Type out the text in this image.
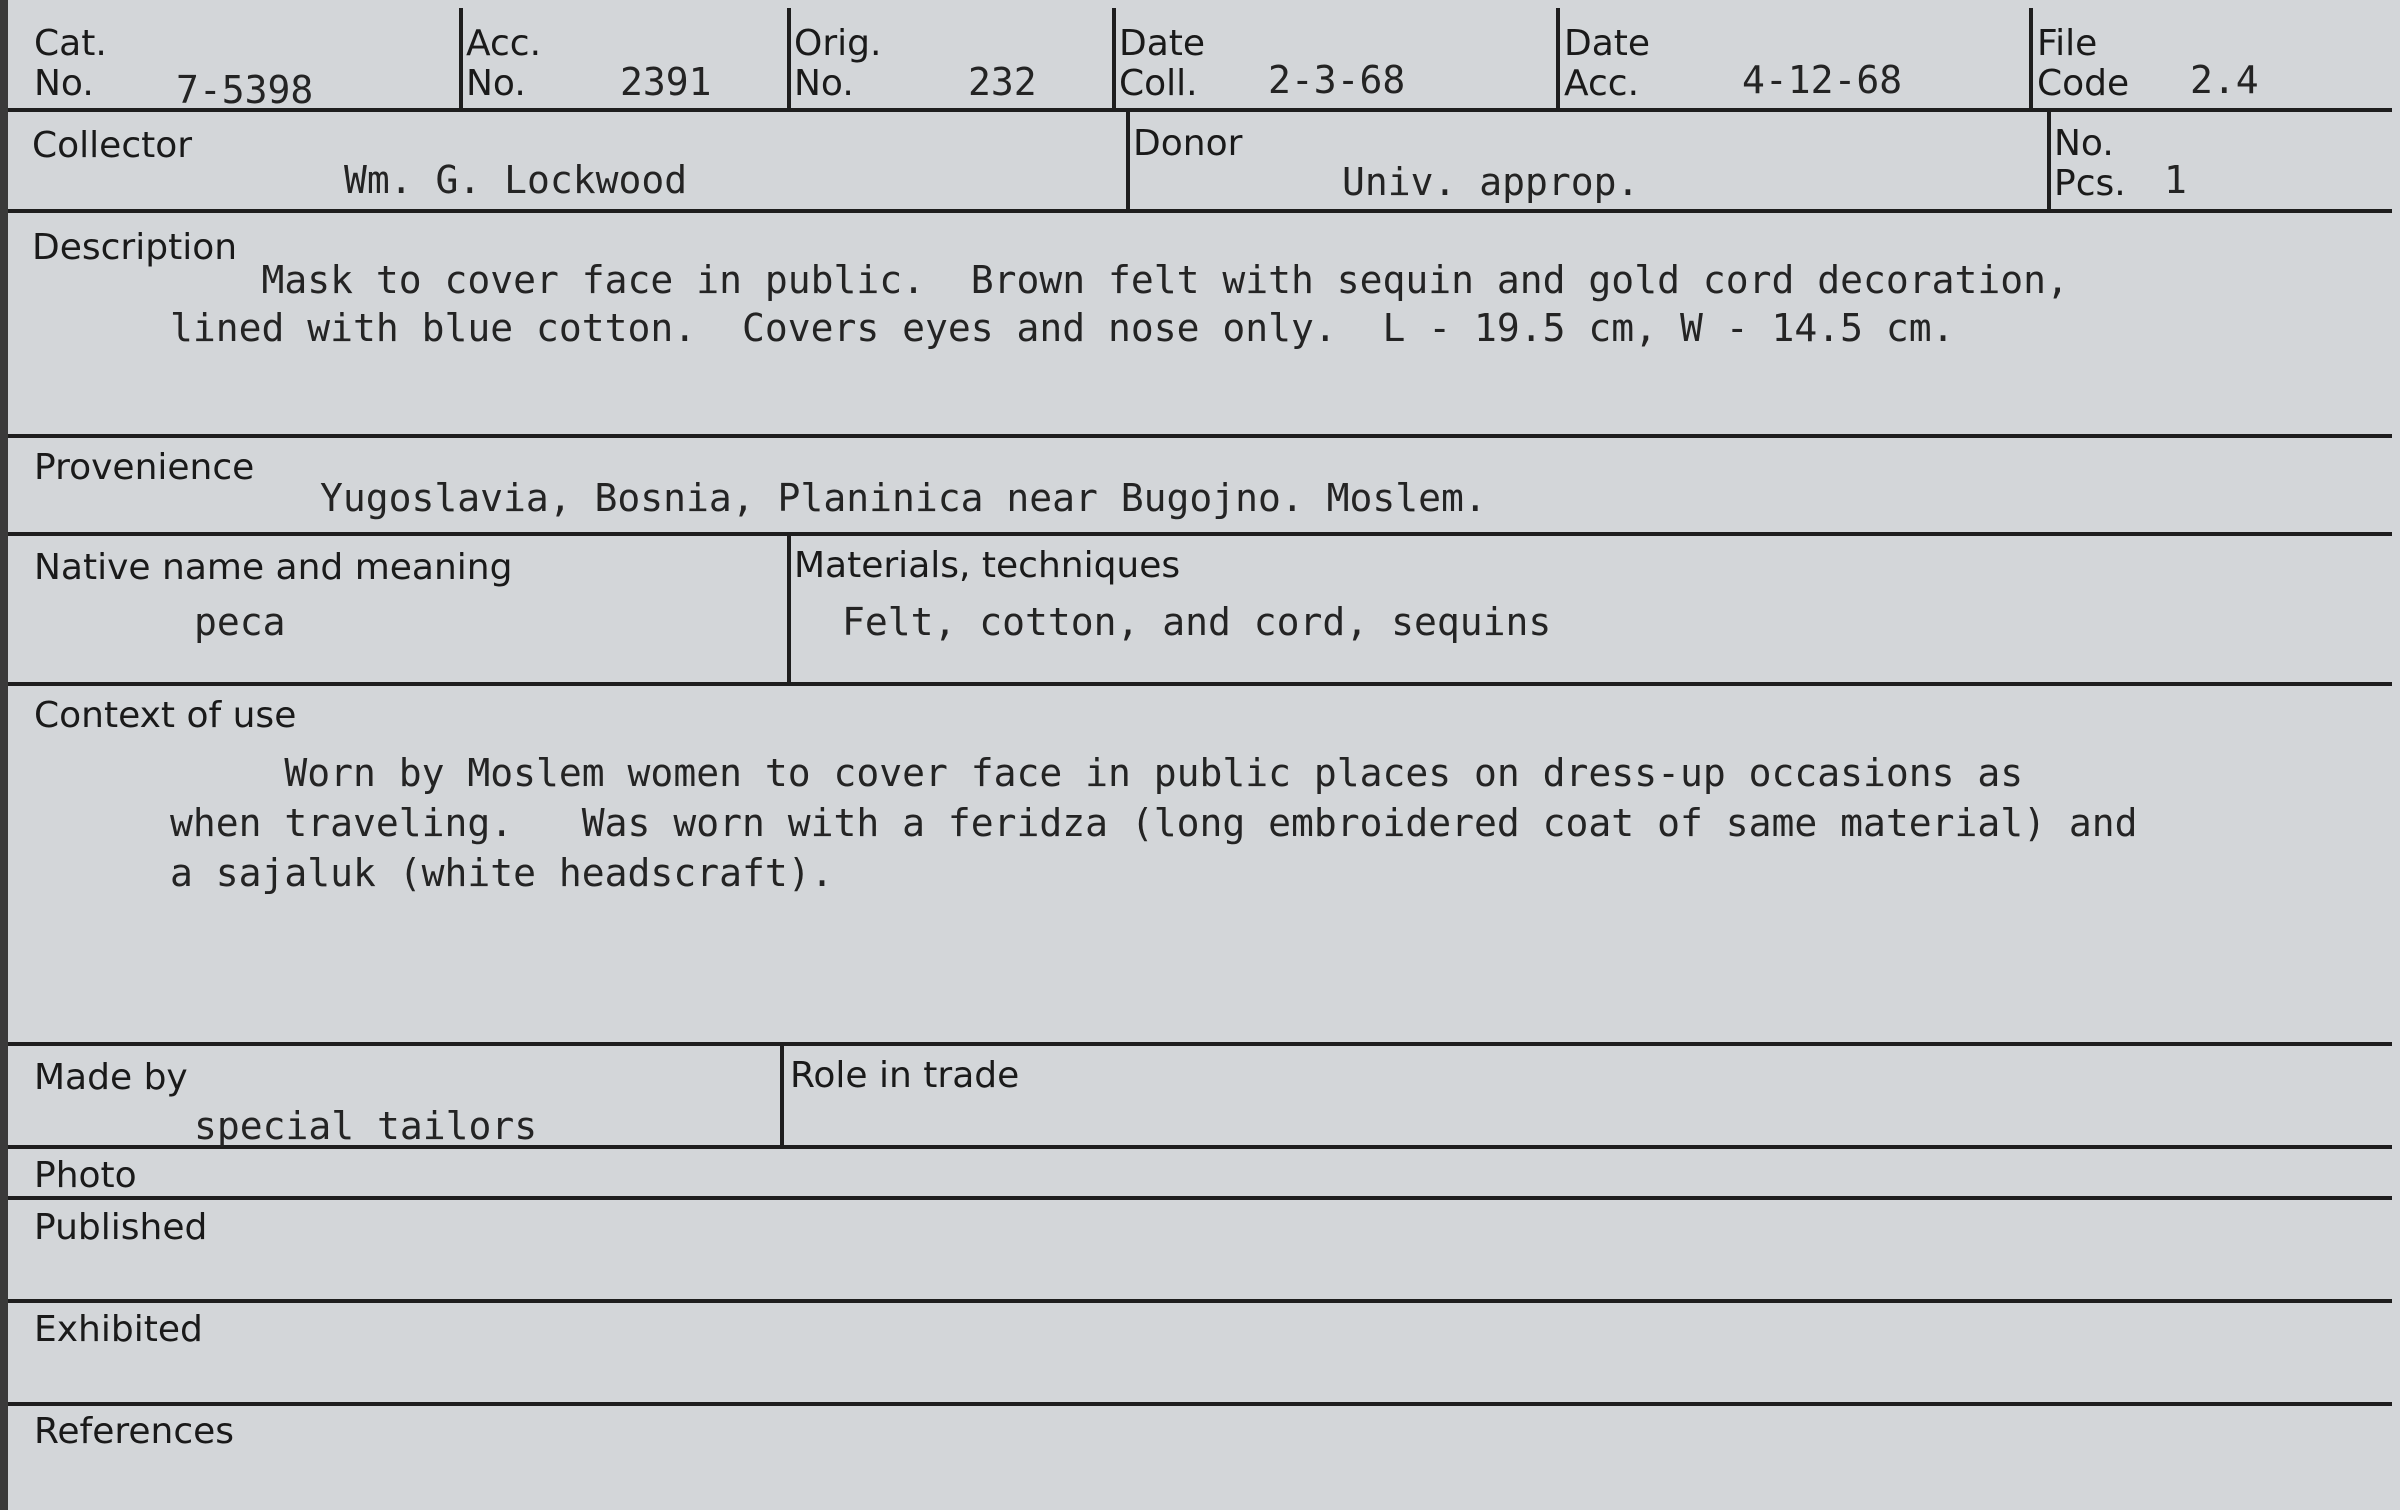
Cat.
No. 7-5398
Acc.
No. 2391
Orig.
No.	232
Date
Coll. 2-3-68
Date
Acc.	4-12-68
File
Code 2.4
Collector
Wm. G. Lockwood
Donor
Univ. approp.
No.
Pcs. 1
Description
Mask to cover face in public.  Brown felt with sequin and gold cord decoration,
lined with blue cotton.  Covers eyes and nose only.  L - 19.5 cm, W - 14.5 cm.
Provenience
Yugoslavia, Bosnia, Planinica near Bugojno. Moslem.
Native name and meaning
peca
Materials, techniques
Felt, cotton, and cord, sequins
Context of use
Worn by Moslem women to cover face in public places on dress-up occasions as
when traveling.   Was worn with a feridza (long embroidered coat of same material) and
a sajaluk (white headscraft).
Made by
special tailors
Role in trade
Photo
Published
Exhibited
References
